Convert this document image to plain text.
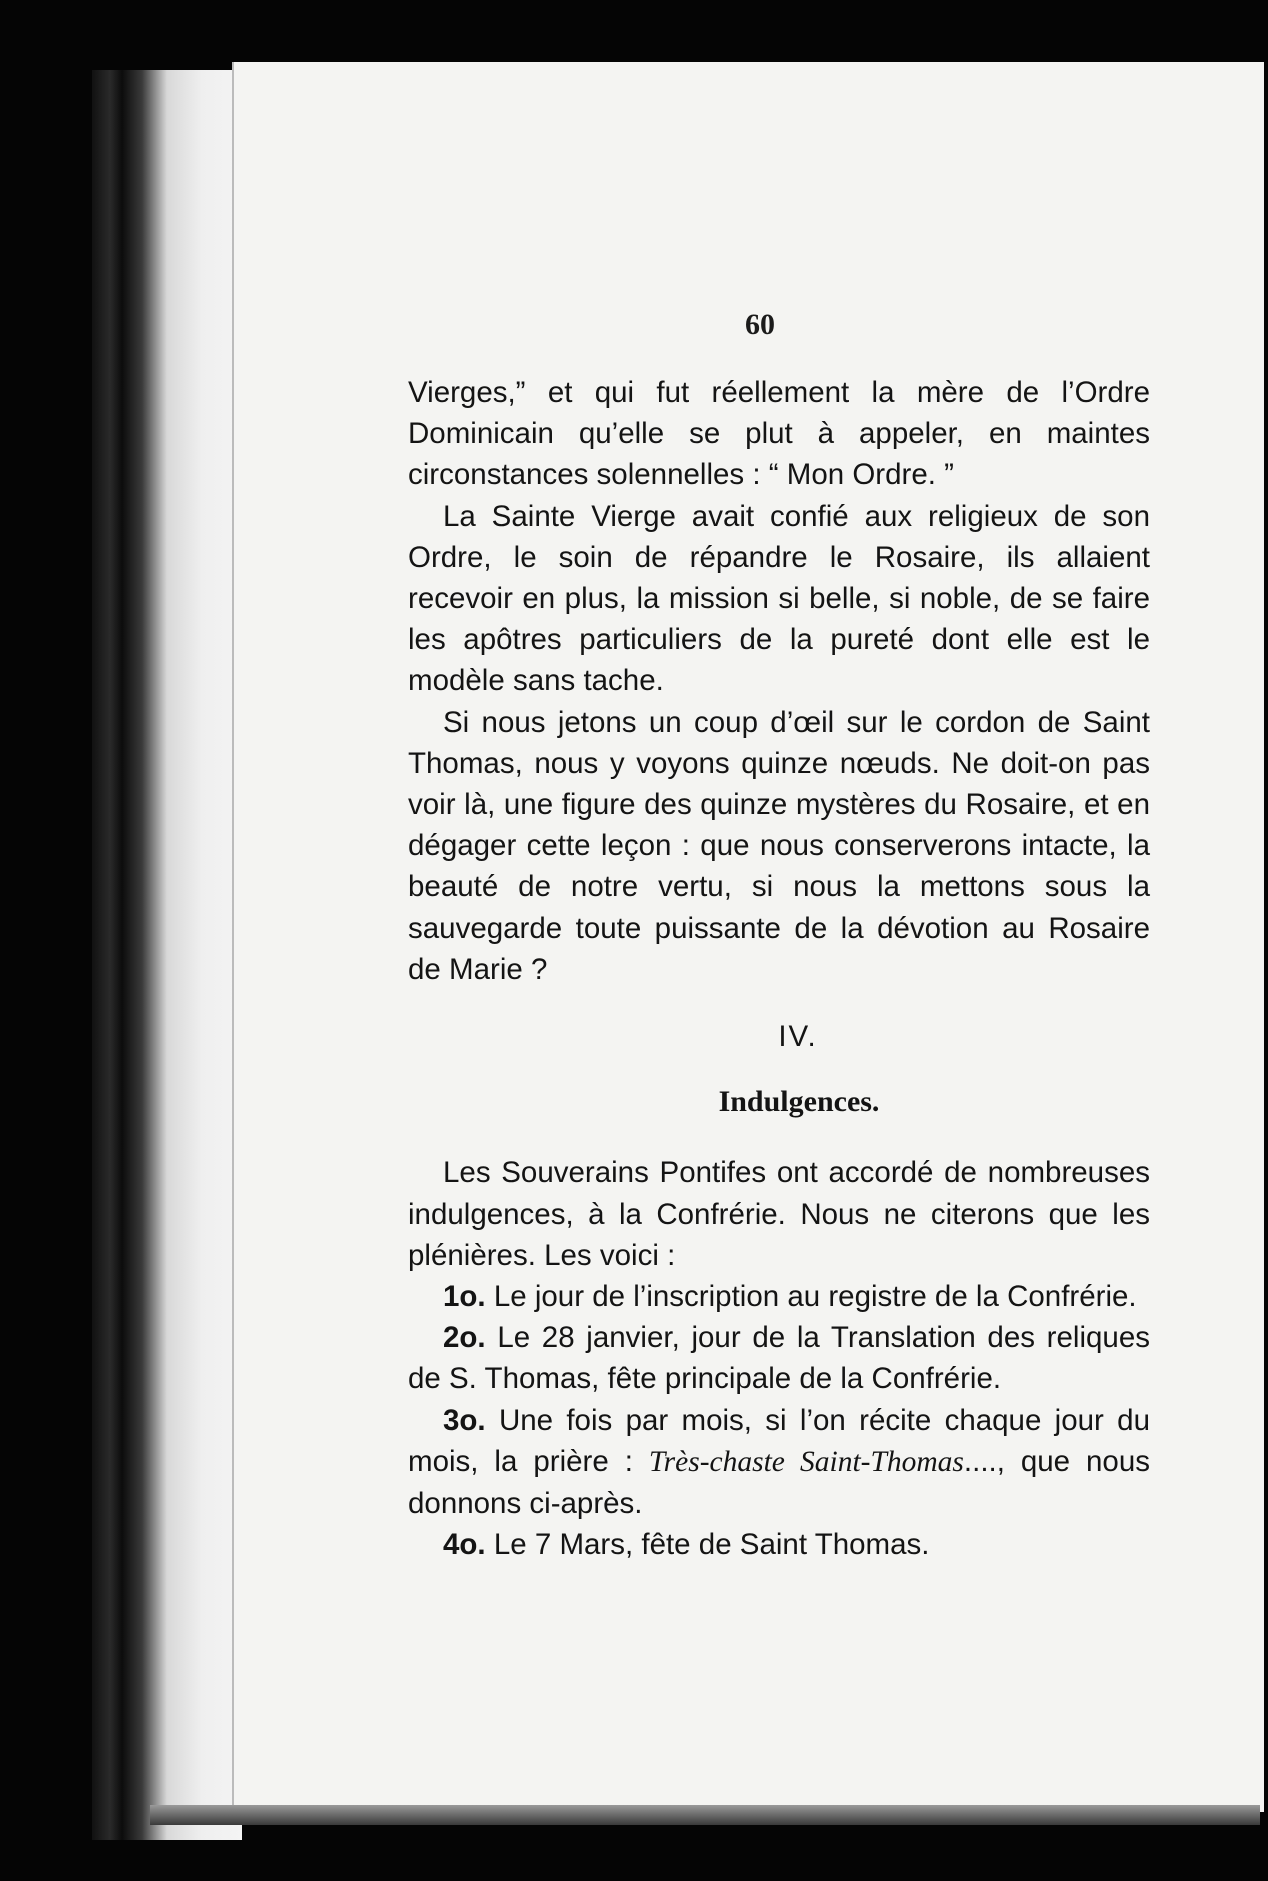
60

Vierges,” et qui fut réellement la mère de l’Ordre Dominicain qu’elle se plut à appeler, en maintes circonstances solennelles : “ Mon Ordre. ”

La Sainte Vierge avait confié aux religieux de son Ordre, le soin de répandre le Rosaire, ils allaient recevoir en plus, la mission si belle, si noble, de se faire les apôtres particuliers de la pureté dont elle est le modèle sans tache.

Si nous jetons un coup d’œil sur le cordon de Saint Thomas, nous y voyons quinze nœuds. Ne doit-on pas voir là, une figure des quinze mystères du Rosaire, et en dégager cette leçon : que nous conserverons intacte, la beauté de notre vertu, si nous la mettons sous la sauvegarde toute puissante de la dévotion au Rosaire de Marie ?

IV.

Indulgences.

Les Souverains Pontifes ont accordé de nombreuses indulgences, à la Confrérie. Nous ne citerons que les plénières. Les voici :

1o. Le jour de l’inscription au registre de la Confrérie.

2o. Le 28 janvier, jour de la Translation des reliques de S. Thomas, fête principale de la Confrérie.

3o. Une fois par mois, si l’on récite chaque jour du mois, la prière : Très-chaste Saint-Thomas...., que nous donnons ci-après.

4o. Le 7 Mars, fête de Saint Thomas.
